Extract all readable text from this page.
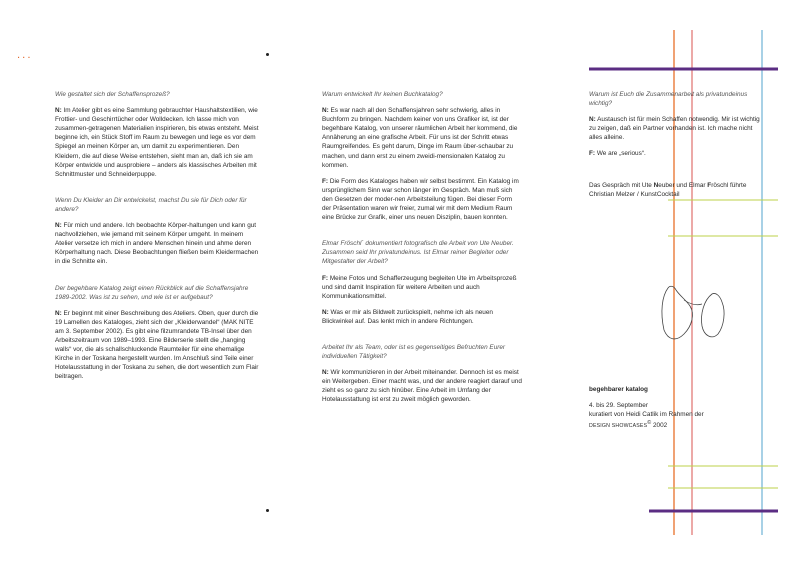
...

Wie gestaltet sich der Schaffensprozeß?

N: Im Atelier gibt es eine Sammlung gebrauchter Haushaltstextilien, wie Frottier- und Geschirrtücher oder Wolldecken. Ich lasse mich von zusammen-getragenen Materialien inspirieren, bis etwas entsteht. Meist beginne ich, ein Stück Stoff im Raum zu bewegen und lege es vor dem Spiegel an meinen Körper an, um damit zu experimentieren. Den Kleidern, die auf diese Weise entstehen, sieht man an, daß ich sie am Körper entwickle und ausprobiere – anders als klassisches Arbeiten mit Schnittmuster und Schneiderpuppe.

Wenn Du Kleider an Dir entwickelst, machst Du sie für Dich oder für andere?

N: Für mich und andere. Ich beobachte Körper-haltungen und kann gut nachvollziehen, wie jemand mit seinem Körper umgeht. In meinem Atelier versetze ich mich in andere Menschen hinein und ahme deren Körperhaltung nach. Diese Beobachtungen fließen beim Kleidermachen in die Schnitte ein.

Der begehbare Katalog zeigt einen Rückblick auf die Schaffensjahre 1989-2002. Was ist zu sehen, und wie ist er aufgebaut?

N: Er beginnt mit einer Beschreibung des Ateliers. Oben, quer durch die 19 Lamellen des Kataloges, zieht sich der „Kleiderwandel“ (MAK NITE am 3. September 2002). Es gibt eine filzumrandete TB-Insel über den Arbeitszeitraum von 1989–1993. Eine Bilderserie stellt die „hanging walls“ vor, die als schallschluckende Raumteiler für eine ehemalige Kirche in der Toskana hergestellt wurden. Im Anschluß sind Teile einer Hotelausstattung in der Toskana zu sehen, die dort wesentlich zum Flair beitragen.

Warum entwickelt Ihr keinen Buchkatalog?

N: Es war nach all den Schaffensjahren sehr schwierig, alles in Buchform zu bringen. Nachdem keiner von uns Grafiker ist, ist der begehbare Katalog, von unserer räumlichen Arbeit her kommend, die Annäherung an eine grafische Arbeit. Für uns ist der Schritt etwas Raumgreifendes. Es geht darum, Dinge im Raum über-schaubar zu machen, und dann erst zu einem zweidi-mensionalen Katalog zu kommen.

F: Die Form des Kataloges haben wir selbst bestimmt. Ein Katalog im ursprünglichem Sinn war schon länger im Gespräch. Man muß sich den Gesetzen der moder-nen Arbeitsteilung fügen. Bei dieser Form der Präsentation waren wir freier, zumal wir mit dem Medium Raum eine Brücke zur Grafik, einer uns neuen Disziplin, bauen konnten.

Elmar Fröschl´ dokumentiert fotografisch die Arbeit von Ute Neuber. Zusammen seid Ihr privatundeinus. Ist Elmar reiner Begleiter oder Mitgestalter der Arbeit?

F: Meine Fotos und Schafferzeugung begleiten Ute im Arbeitsprozeß und sind damit Inspiration für weitere Arbeiten und auch Kommunikationsmittel.

N: Was er mir als Bildwelt zurückspielt, nehme ich als neuen Blickwinkel auf. Das lenkt mich in andere Richtungen.

Arbeitet Ihr als Team, oder ist es gegenseitiges Befruchten Eurer individuellen Tätigkeit?

N: Wir kommunizieren in der Arbeit miteinander. Dennoch ist es meist ein Weitergeben. Einer macht was, und der andere reagiert darauf und zieht es so ganz zu sich hinüber. Eine Arbeit im Umfang der Hotelausstattung ist erst zu zweit möglich geworden.

Warum ist Euch die Zusammenarbeit als privatundeinus wichtig?

N: Austausch ist für mein Schaffen notwendig. Mir ist wichtig zu zeigen, daß ein Partner vorhanden ist. Ich mache nicht alles alleine.

F: We are „serious“.

Das Gespräch mit Ute Neuber und Elmar Fröschl führte Christian Melzer / KunstCocktail
begehbarer katalog
4. bis 29. September
kuratiert von Heidi Catlik im Rahmen der
DESIGN SHOWCASES© 2002
